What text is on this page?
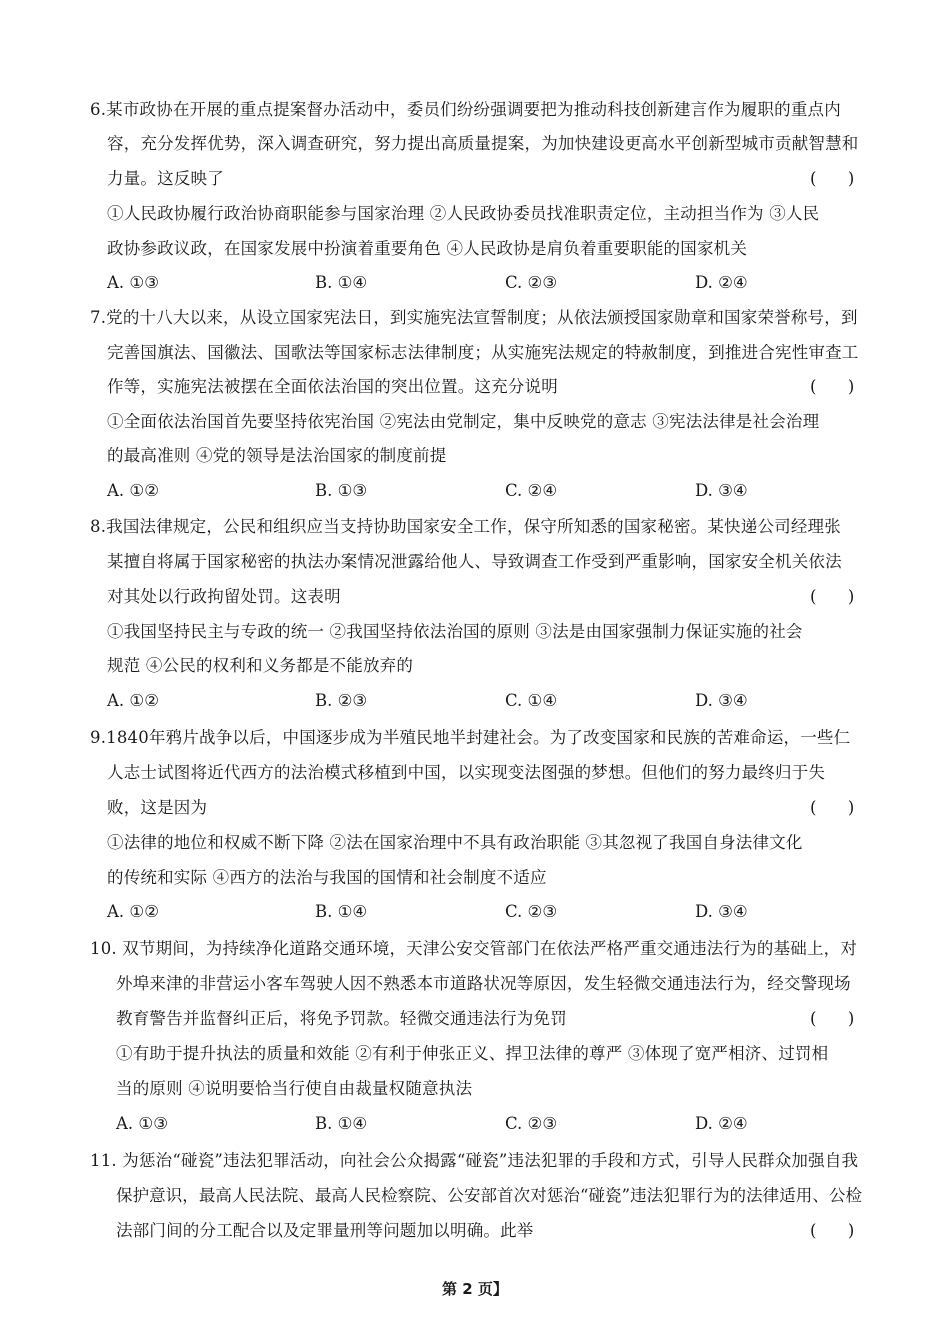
6.某市政协在开展的重点提案督办活动中，委员们纷纷强调要把为推动科技创新建言作为履职的重点内
容，充分发挥优势，深入调查研究，努力提出高质量提案，为加快建设更高水平创新型城市贡献智慧和
力量。这反映了	(      )
①人民政协履行政治协商职能参与国家治理 ②人民政协委员找准职责定位，主动担当作为 ③人民
政协参政议政，在国家发展中扮演着重要角色 ④人民政协是肩负着重要职能的国家机关
A. ①③	B. ①④	C. ②③	D. ②④
7.党的十八大以来，从设立国家宪法日，到实施宪法宣誓制度；从依法颁授国家勋章和国家荣誉称号，到
完善国旗法、国徽法、国歌法等国家标志法律制度；从实施宪法规定的特赦制度，到推进合宪性审查工
作等，实施宪法被摆在全面依法治国的突出位置。这充分说明	(      )
①全面依法治国首先要坚持依宪治国 ②宪法由党制定，集中反映党的意志 ③宪法法律是社会治理
的最高准则 ④党的领导是法治国家的制度前提
A. ①②	B. ①③	C. ②④	D. ③④
8.我国法律规定，公民和组织应当支持协助国家安全工作，保守所知悉的国家秘密。某快递公司经理张
某擅自将属于国家秘密的执法办案情况泄露给他人、导致调查工作受到严重影响，国家安全机关依法
对其处以行政拘留处罚。这表明	(      )
①我国坚持民主与专政的统一 ②我国坚持依法治国的原则 ③法是由国家强制力保证实施的社会
规范 ④公民的权利和义务都是不能放弃的
A. ①②	B. ②③	C. ①④	D. ③④
9.1840年鸦片战争以后，中国逐步成为半殖民地半封建社会。为了改变国家和民族的苦难命运，一些仁
人志士试图将近代西方的法治模式移植到中国，以实现变法图强的梦想。但他们的努力最终归于失
败，这是因为	(      )
①法律的地位和权威不断下降 ②法在国家治理中不具有政治职能 ③其忽视了我国自身法律文化
的传统和实际 ④西方的法治与我国的国情和社会制度不适应
A. ①②	B. ①④	C. ②③	D. ③④
10. 双节期间，为持续净化道路交通环境，天津公安交管部门在依法严格严重交通违法行为的基础上，对
外埠来津的非营运小客车驾驶人因不熟悉本市道路状况等原因，发生轻微交通违法行为，经交警现场
教育警告并监督纠正后，将免予罚款。轻微交通违法行为免罚	(      )
①有助于提升执法的质量和效能 ②有利于伸张正义、捍卫法律的尊严 ③体现了宽严相济、过罚相
当的原则 ④说明要恰当行使自由裁量权随意执法
A. ①③	B. ①④	C. ②③	D. ②④
11. 为惩治“碰瓷”违法犯罪活动，向社会公众揭露“碰瓷”违法犯罪的手段和方式，引导人民群众加强自我
保护意识，最高人民法院、最高人民检察院、公安部首次对惩治“碰瓷”违法犯罪行为的法律适用、公检
法部门间的分工配合以及定罪量刑等问题加以明确。此举	(      )
第 2 页】
